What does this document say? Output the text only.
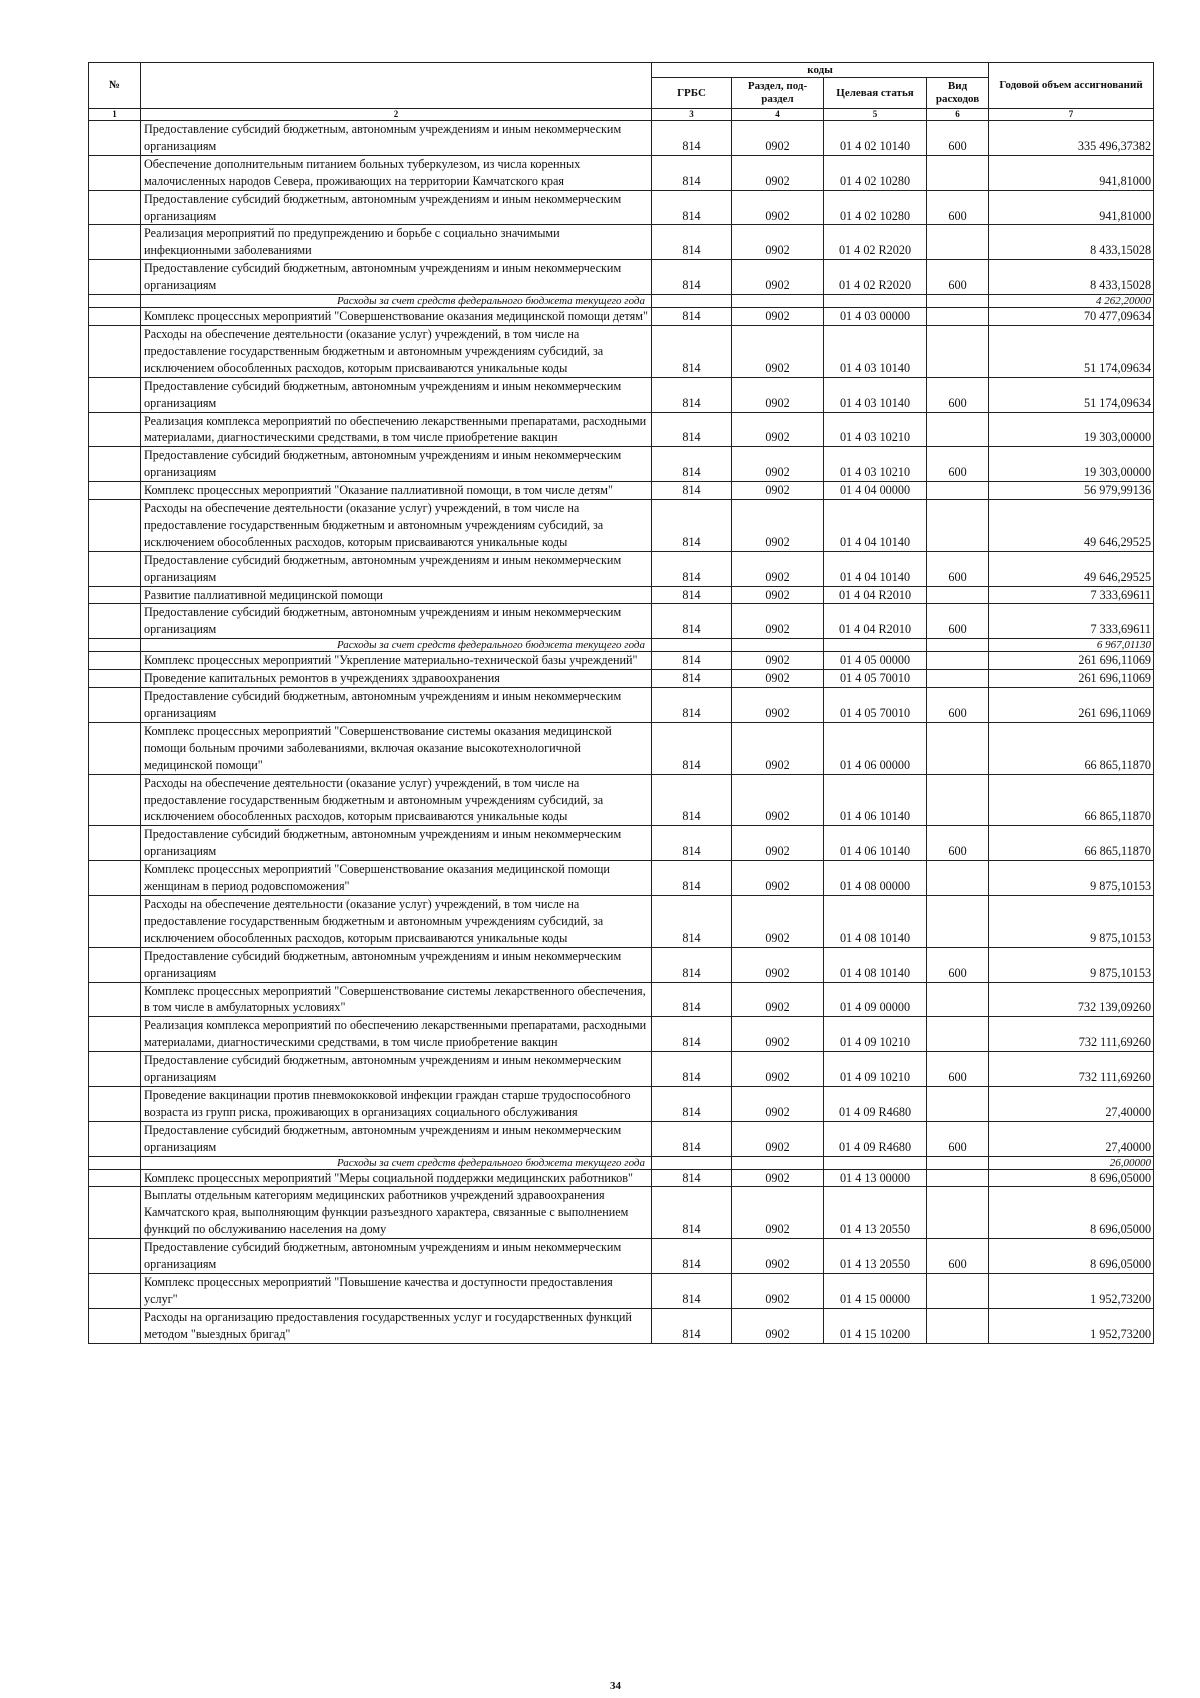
№		коды				Годовой объем ассигнований
		ГРБС	Раздел, под-раздел	Целевая статья	Вид расходов	
1	2	3	4	5	6	7
	Предоставление субсидий бюджетным, автономным учреждениям и иным некоммерческим организациям	814	0902	01 4 02 10140	600	335 496,37382
	Обеспечение дополнительным питанием больных туберкулезом, из числа коренных малочисленных народов Севера, проживающих на территории Камчатского края	814	0902	01 4 02 10280		941,81000
	Предоставление субсидий бюджетным, автономным учреждениям и иным некоммерческим организациям	814	0902	01 4 02 10280	600	941,81000
	Реализация мероприятий по предупреждению и борьбе с социально значимыми инфекционными заболеваниями	814	0902	01 4 02 R2020		8 433,15028
	Предоставление субсидий бюджетным, автономным учреждениям и иным некоммерческим организациям	814	0902	01 4 02 R2020	600	8 433,15028
	Расходы за счет средств федерального бюджета текущего года					4 262,20000
	Комплекс процессных мероприятий "Совершенствование оказания медицинской помощи детям"	814	0902	01 4 03 00000		70 477,09634
	Расходы на обеспечение деятельности (оказание услуг) учреждений, в том числе на предоставление государственным бюджетным и автономным учреждениям субсидий, за исключением обособленных расходов, которым присваиваются уникальные коды	814	0902	01 4 03 10140		51 174,09634
	Предоставление субсидий бюджетным, автономным учреждениям и иным некоммерческим организациям	814	0902	01 4 03 10140	600	51 174,09634
	Реализация комплекса мероприятий по обеспечению лекарственными препаратами, расходными материалами, диагностическими средствами, в том числе приобретение вакцин	814	0902	01 4 03 10210		19 303,00000
	Предоставление субсидий бюджетным, автономным учреждениям и иным некоммерческим организациям	814	0902	01 4 03 10210	600	19 303,00000
	Комплекс процессных мероприятий "Оказание паллиативной помощи, в том числе детям"	814	0902	01 4 04 00000		56 979,99136
	Расходы на обеспечение деятельности (оказание услуг) учреждений, в том числе на предоставление государственным бюджетным и автономным учреждениям субсидий, за исключением обособленных расходов, которым присваиваются уникальные коды	814	0902	01 4 04 10140		49 646,29525
	Предоставление субсидий бюджетным, автономным учреждениям и иным некоммерческим организациям	814	0902	01 4 04 10140	600	49 646,29525
	Развитие паллиативной медицинской помощи	814	0902	01 4 04 R2010		7 333,69611
	Предоставление субсидий бюджетным, автономным учреждениям и иным некоммерческим организациям	814	0902	01 4 04 R2010	600	7 333,69611
	Расходы за счет средств федерального бюджета текущего года					6 967,01130
	Комплекс процессных мероприятий "Укрепление материально-технической базы учреждений"	814	0902	01 4 05 00000		261 696,11069
	Проведение капитальных ремонтов в учреждениях здравоохранения	814	0902	01 4 05 70010		261 696,11069
	Предоставление субсидий бюджетным, автономным учреждениям и иным некоммерческим организациям	814	0902	01 4 05 70010	600	261 696,11069
	Комплекс процессных мероприятий "Совершенствование системы оказания медицинской помощи больным прочими заболеваниями, включая оказание высокотехнологичной медицинской помощи"	814	0902	01 4 06 00000		66 865,11870
	Расходы на обеспечение деятельности (оказание услуг) учреждений, в том числе на предоставление государственным бюджетным и автономным учреждениям субсидий, за исключением обособленных расходов, которым присваиваются уникальные коды	814	0902	01 4 06 10140		66 865,11870
	Предоставление субсидий бюджетным, автономным учреждениям и иным некоммерческим организациям	814	0902	01 4 06 10140	600	66 865,11870
	Комплекс процессных мероприятий "Совершенствование оказания медицинской помощи женщинам в период родовспоможения"	814	0902	01 4 08 00000		9 875,10153
	Расходы на обеспечение деятельности (оказание услуг) учреждений, в том числе на предоставление государственным бюджетным и автономным учреждениям субсидий, за исключением обособленных расходов, которым присваиваются уникальные коды	814	0902	01 4 08 10140		9 875,10153
	Предоставление субсидий бюджетным, автономным учреждениям и иным некоммерческим организациям	814	0902	01 4 08 10140	600	9 875,10153
	Комплекс процессных мероприятий "Совершенствование системы лекарственного обеспечения, в том числе в амбулаторных условиях"	814	0902	01 4 09 00000		732 139,09260
	Реализация комплекса мероприятий по обеспечению лекарственными препаратами, расходными материалами, диагностическими средствами, в том числе приобретение вакцин	814	0902	01 4 09 10210		732 111,69260
	Предоставление субсидий бюджетным, автономным учреждениям и иным некоммерческим организациям	814	0902	01 4 09 10210	600	732 111,69260
	Проведение вакцинации против пневмококковой инфекции граждан старше трудоспособного возраста из групп риска, проживающих в организациях социального обслуживания	814	0902	01 4 09 R4680		27,40000
	Предоставление субсидий бюджетным, автономным учреждениям и иным некоммерческим организациям	814	0902	01 4 09 R4680	600	27,40000
	Расходы за счет средств федерального бюджета текущего года					26,00000
	Комплекс процессных мероприятий "Меры социальной поддержки медицинских работников"	814	0902	01 4 13 00000		8 696,05000
	Выплаты отдельным категориям медицинских работников учреждений здравоохранения Камчатского края, выполняющим функции разъездного характера, связанные с выполнением функций по обслуживанию населения на дому	814	0902	01 4 13 20550		8 696,05000
	Предоставление субсидий бюджетным, автономным учреждениям и иным некоммерческим организациям	814	0902	01 4 13 20550	600	8 696,05000
	Комплекс процессных мероприятий "Повышение качества и доступности предоставления услуг"	814	0902	01 4 15 00000		1 952,73200
	Расходы на организацию предоставления государственных услуг и государственных функций методом "выездных бригад"	814	0902	01 4 15 10200		1 952,73200
34
